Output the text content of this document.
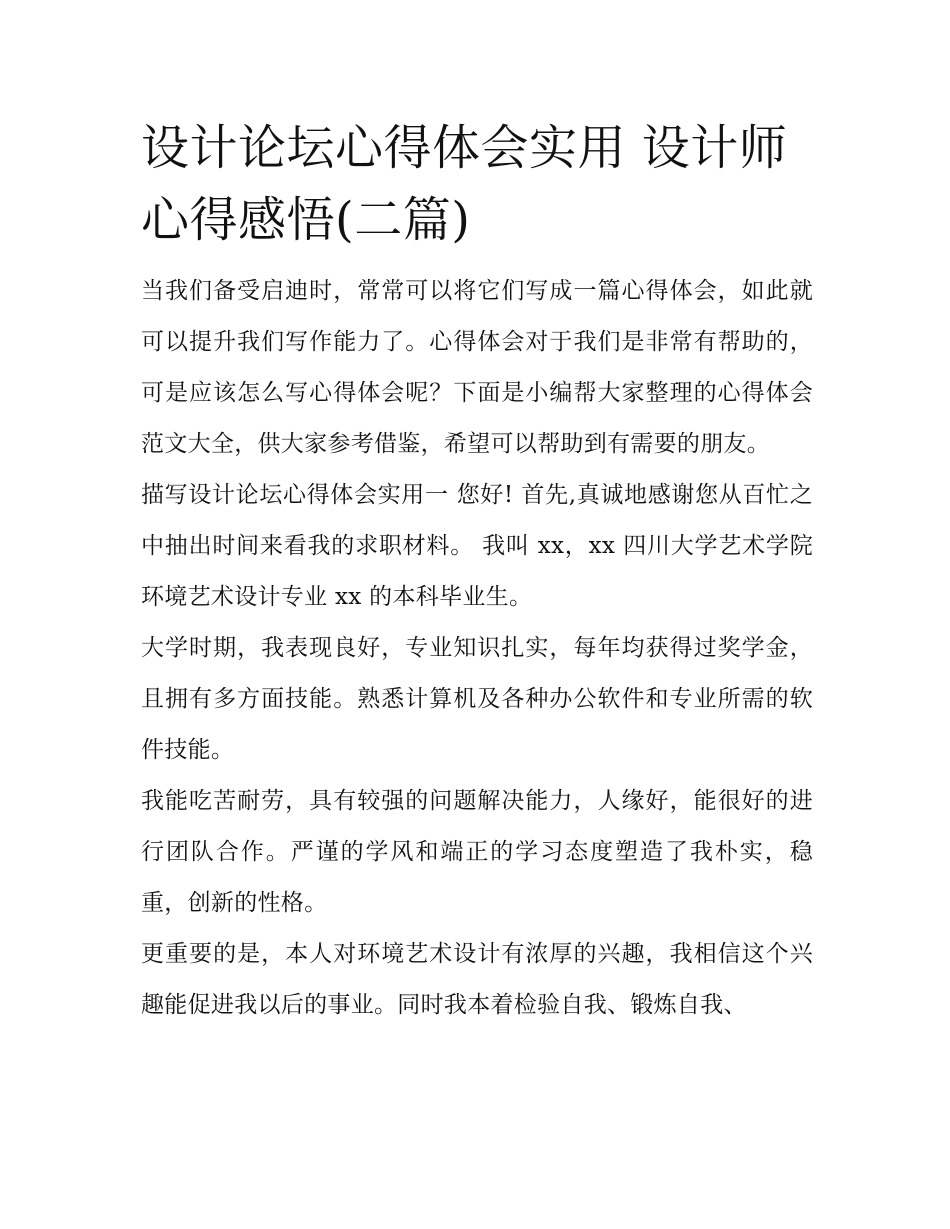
设计论坛心得体会实用 设计师心得感悟(二篇)

当我们备受启迪时，常常可以将它们写成一篇心得体会，如此就可以提升我们写作能力了。心得体会对于我们是非常有帮助的，可是应该怎么写心得体会呢？下面是小编帮大家整理的心得体会范文大全，供大家参考借鉴，希望可以帮助到有需要的朋友。

描写设计论坛心得体会实用一 您好! 首先,真诚地感谢您从百忙之中抽出时间来看我的求职材料。 我叫 xx，xx 四川大学艺术学院环境艺术设计专业 xx 的本科毕业生。

大学时期，我表现良好，专业知识扎实，每年均获得过奖学金，且拥有多方面技能。熟悉计算机及各种办公软件和专业所需的软件技能。

我能吃苦耐劳，具有较强的问题解决能力，人缘好，能很好的进行团队合作。严谨的学风和端正的学习态度塑造了我朴实，稳重，创新的性格。

更重要的是，本人对环境艺术设计有浓厚的兴趣，我相信这个兴趣能促进我以后的事业。同时我本着检验自我、锻炼自我、
